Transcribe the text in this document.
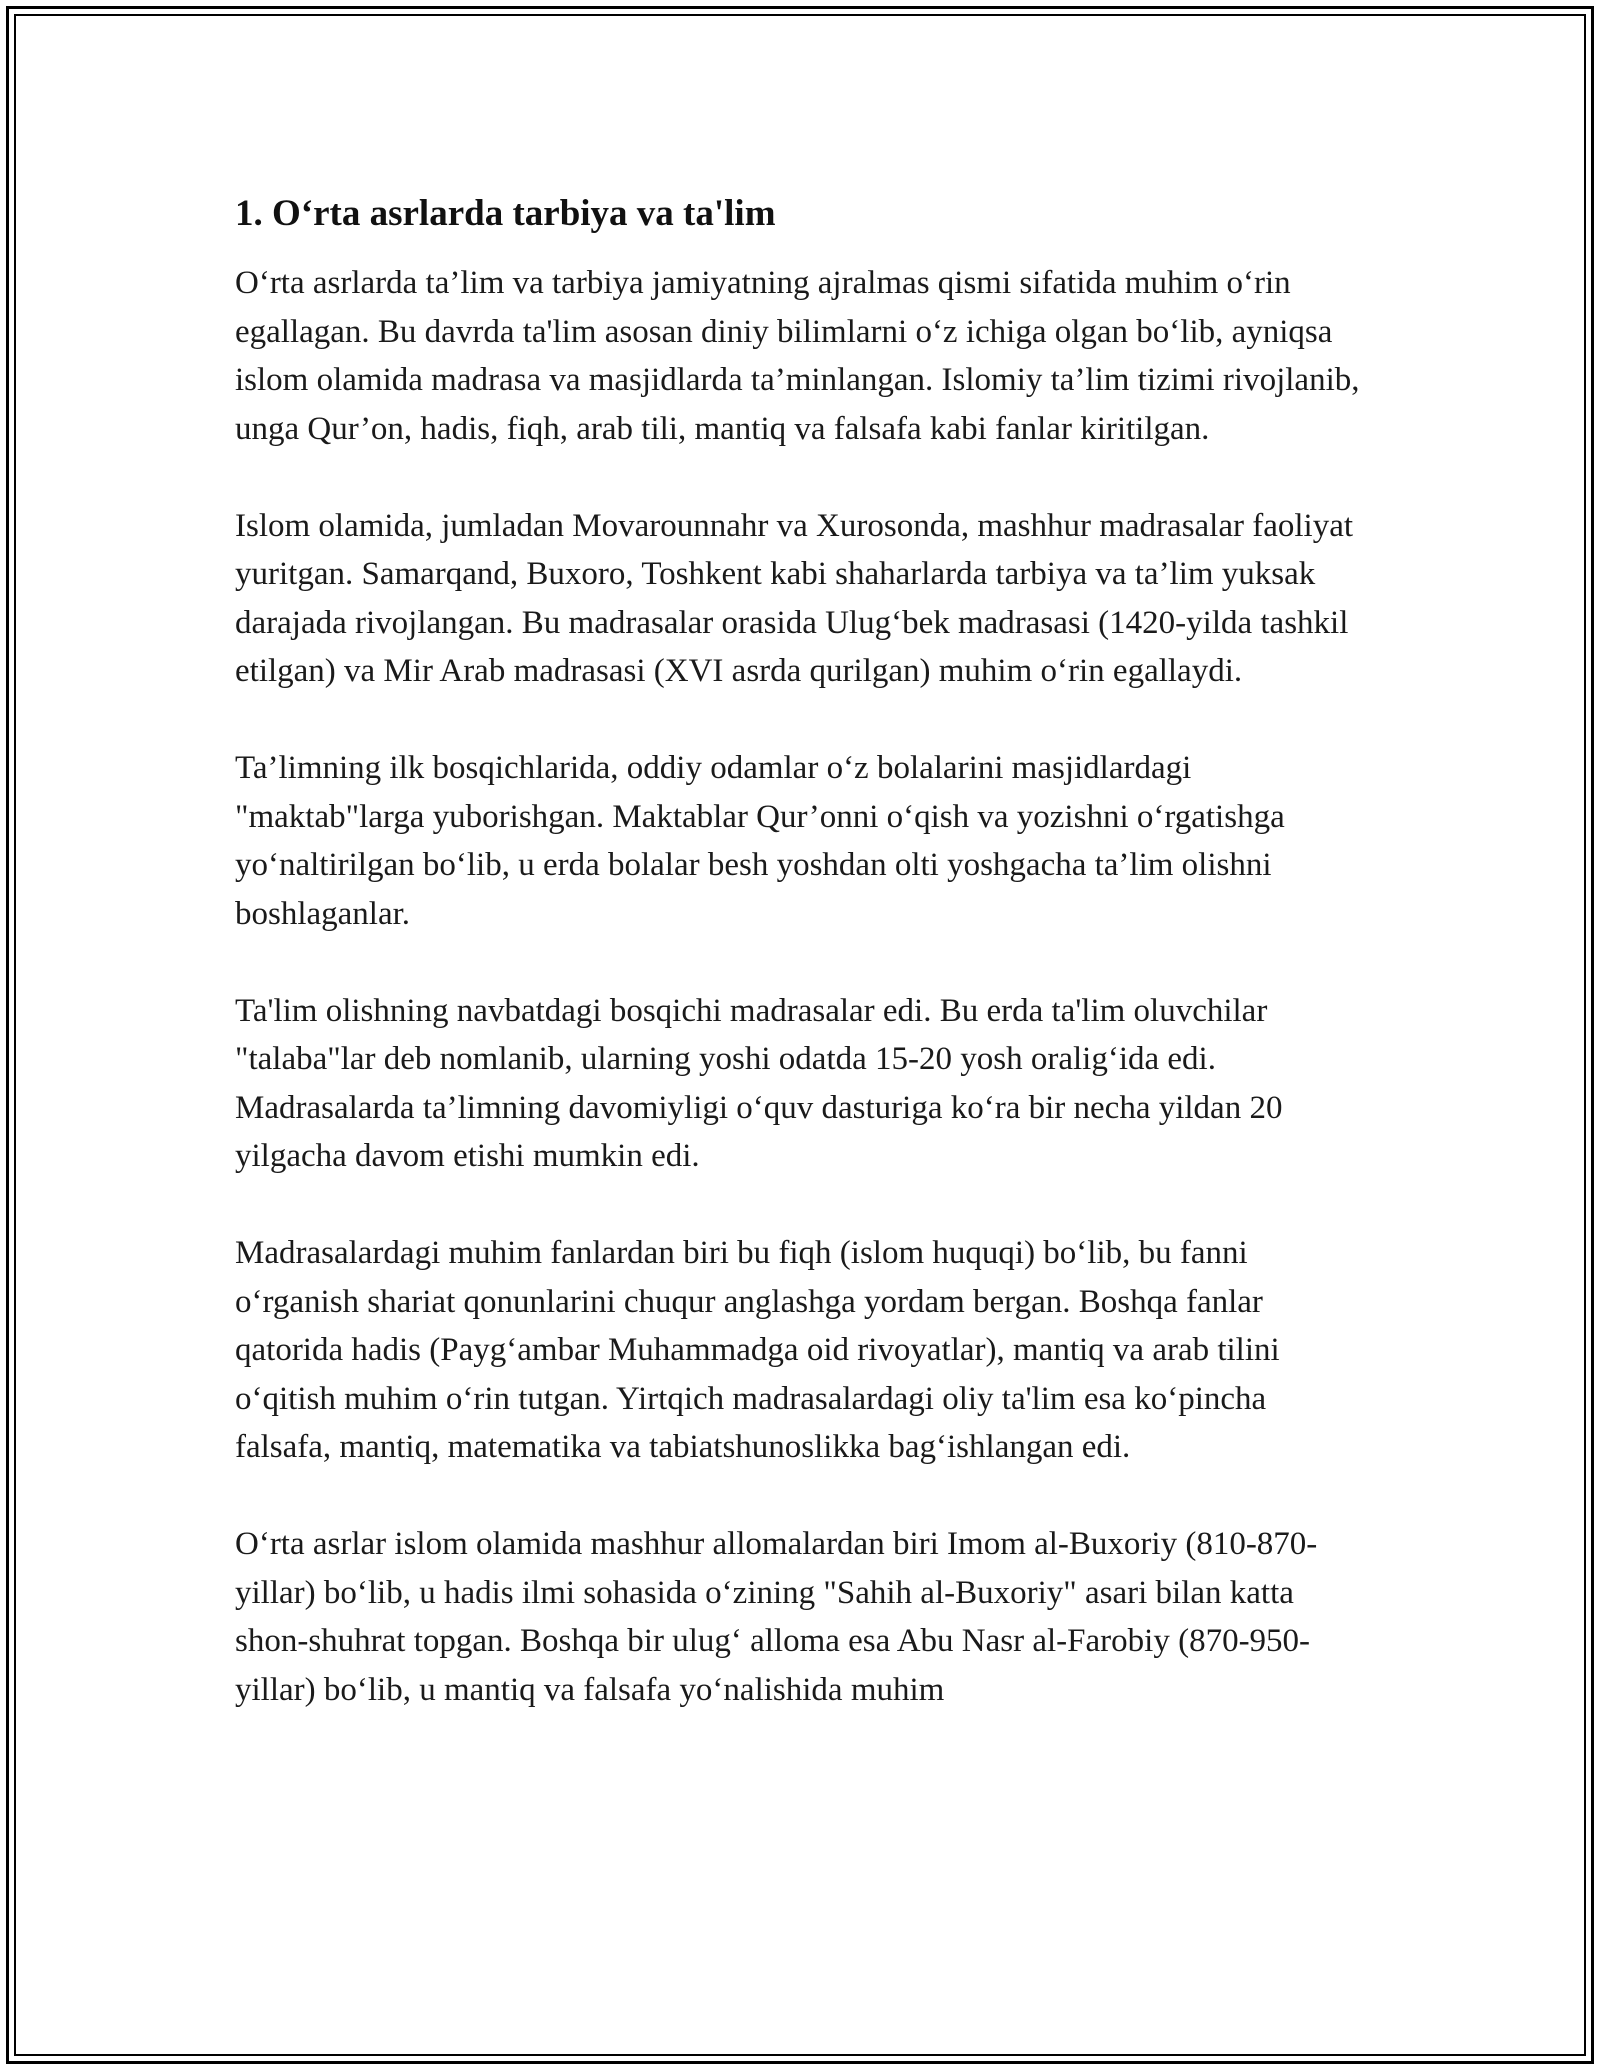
1. O‘rta asrlarda tarbiya va ta'lim

O‘rta asrlarda ta’lim va tarbiya jamiyatning ajralmas qismi sifatida muhim o‘rin egallagan. Bu davrda ta'lim asosan diniy bilimlarni o‘z ichiga olgan bo‘lib, ayniqsa islom olamida madrasa va masjidlarda ta’minlangan. Islomiy ta’lim tizimi rivojlanib, unga Qur’on, hadis, fiqh, arab tili, mantiq va falsafa kabi fanlar kiritilgan.

Islom olamida, jumladan Movarounnahr va Xurosonda, mashhur madrasalar faoliyat yuritgan. Samarqand, Buxoro, Toshkent kabi shaharlarda tarbiya va ta’lim yuksak darajada rivojlangan. Bu madrasalar orasida Ulug‘bek madrasasi (1420-yilda tashkil etilgan) va Mir Arab madrasasi (XVI asrda qurilgan) muhim o‘rin egallaydi.

Ta’limning ilk bosqichlarida, oddiy odamlar o‘z bolalarini masjidlardagi "maktab"larga yuborishgan. Maktablar Qur’onni o‘qish va yozishni o‘rgatishga yo‘naltirilgan bo‘lib, u erda bolalar besh yoshdan olti yoshgacha ta’lim olishni boshlaganlar.

Ta'lim olishning navbatdagi bosqichi madrasalar edi. Bu erda ta'lim oluvchilar "talaba"lar deb nomlanib, ularning yoshi odatda 15-20 yosh oralig‘ida edi. Madrasalarda ta’limning davomiyligi o‘quv dasturiga ko‘ra bir necha yildan 20 yilgacha davom etishi mumkin edi.

Madrasalardagi muhim fanlardan biri bu fiqh (islom huquqi) bo‘lib, bu fanni o‘rganish shariat qonunlarini chuqur anglashga yordam bergan. Boshqa fanlar qatorida hadis (Payg‘ambar Muhammadga oid rivoyatlar), mantiq va arab tilini o‘qitish muhim o‘rin tutgan. Yirtqich madrasalardagi oliy ta'lim esa ko‘pincha falsafa, mantiq, matematika va tabiatshunoslikka bag‘ishlangan edi.

O‘rta asrlar islom olamida mashhur allomalardan biri Imom al-Buxoriy (810-870-yillar) bo‘lib, u hadis ilmi sohasida o‘zining "Sahih al-Buxoriy" asari bilan katta shon-shuhrat topgan. Boshqa bir ulug‘ alloma esa Abu Nasr al-Farobiy (870-950-yillar) bo‘lib, u mantiq va falsafa yo‘nalishida muhim
